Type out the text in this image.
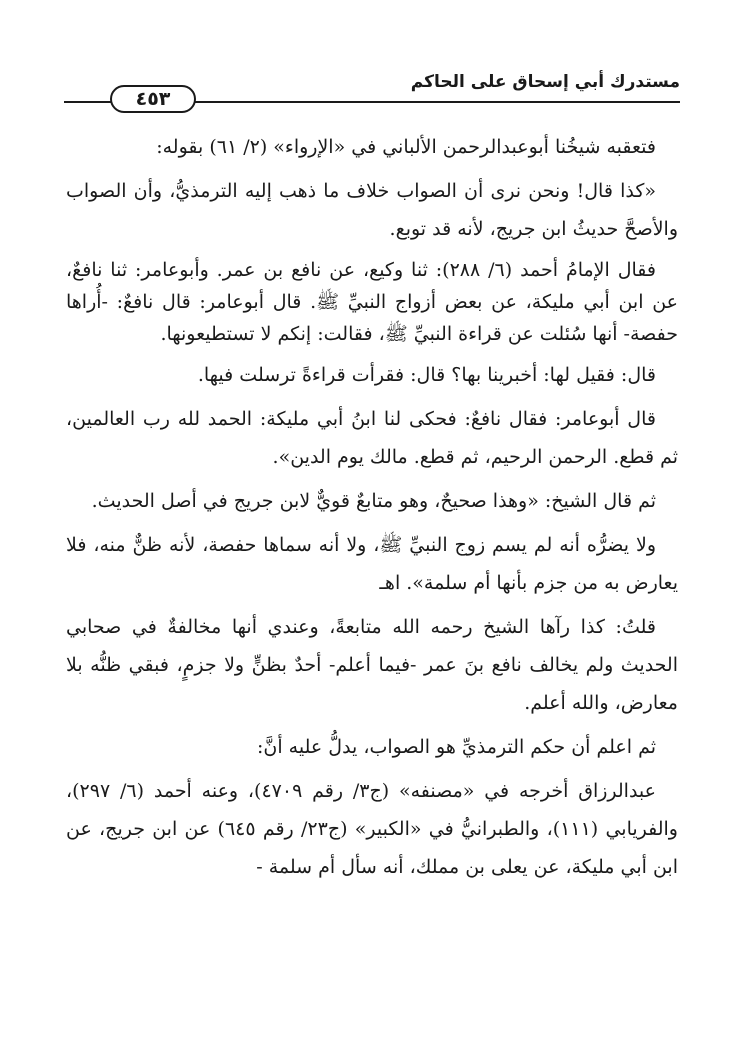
مستدرك أبي إسحاق على الحاكم
٤٥٣

فتعقبه شيخُنا أبوعبدالرحمن الألباني في «الإرواء» (٢/ ٦١) بقوله:

«كذا قال! ونحن نرى أن الصواب خلاف ما ذهب إليه الترمذيُّ، وأن الصواب والأصحَّ حديثُ ابن جريج، لأنه قد توبع.

فقال الإمامُ أحمد (٦/ ٢٨٨): ثنا وكيع، عن نافع بن عمر. وأبوعامر: ثنا نافعٌ، عن ابن أبي مليكة، عن بعض أزواج النبيِّ ﷺ. قال أبوعامر: قال نافعٌ: -أُراها حفصة- أنها سُئلت عن قراءة النبيِّ ﷺ، فقالت: إنكم لا تستطيعونها.

قال: فقيل لها: أخبرينا بها؟ قال: فقرأت قراءةً ترسلت فيها.

قال أبوعامر: فقال نافعٌ: فحكى لنا ابنُ أبي مليكة: الحمد لله رب العالمين، ثم قطع. الرحمن الرحيم، ثم قطع. مالك يوم الدين».

ثم قال الشيخ: «وهذا صحيحٌ، وهو متابعٌ قويٌّ لابن جريج في أصل الحديث.

ولا يضرُّه أنه لم يسم زوج النبيِّ ﷺ، ولا أنه سماها حفصة، لأنه ظنٌّ منه، فلا يعارض به من جزم بأنها أم سلمة». اهـ

قلتُ: كذا رآها الشيخ رحمه الله متابعةً، وعندي أنها مخالفةٌ في صحابي الحديث ولم يخالف نافع بنَ عمر -فيما أعلم- أحدٌ بظنٍّ ولا جزمٍ، فبقي ظنُّه بلا معارض، والله أعلم.

ثم اعلم أن حكم الترمذيِّ هو الصواب، يدلُّ عليه أنَّ:

عبدالرزاق أخرجه في «مصنفه» (ج٣/ رقم ٤٧٠٩)، وعنه أحمد (٦/ ٢٩٧)، والفريابي (١١١)، والطبرانيُّ في «الكبير» (ج٢٣/ رقم ٦٤٥) عن ابن جريج، عن ابن أبي مليكة، عن يعلى بن مملك، أنه سأل أم سلمة -
